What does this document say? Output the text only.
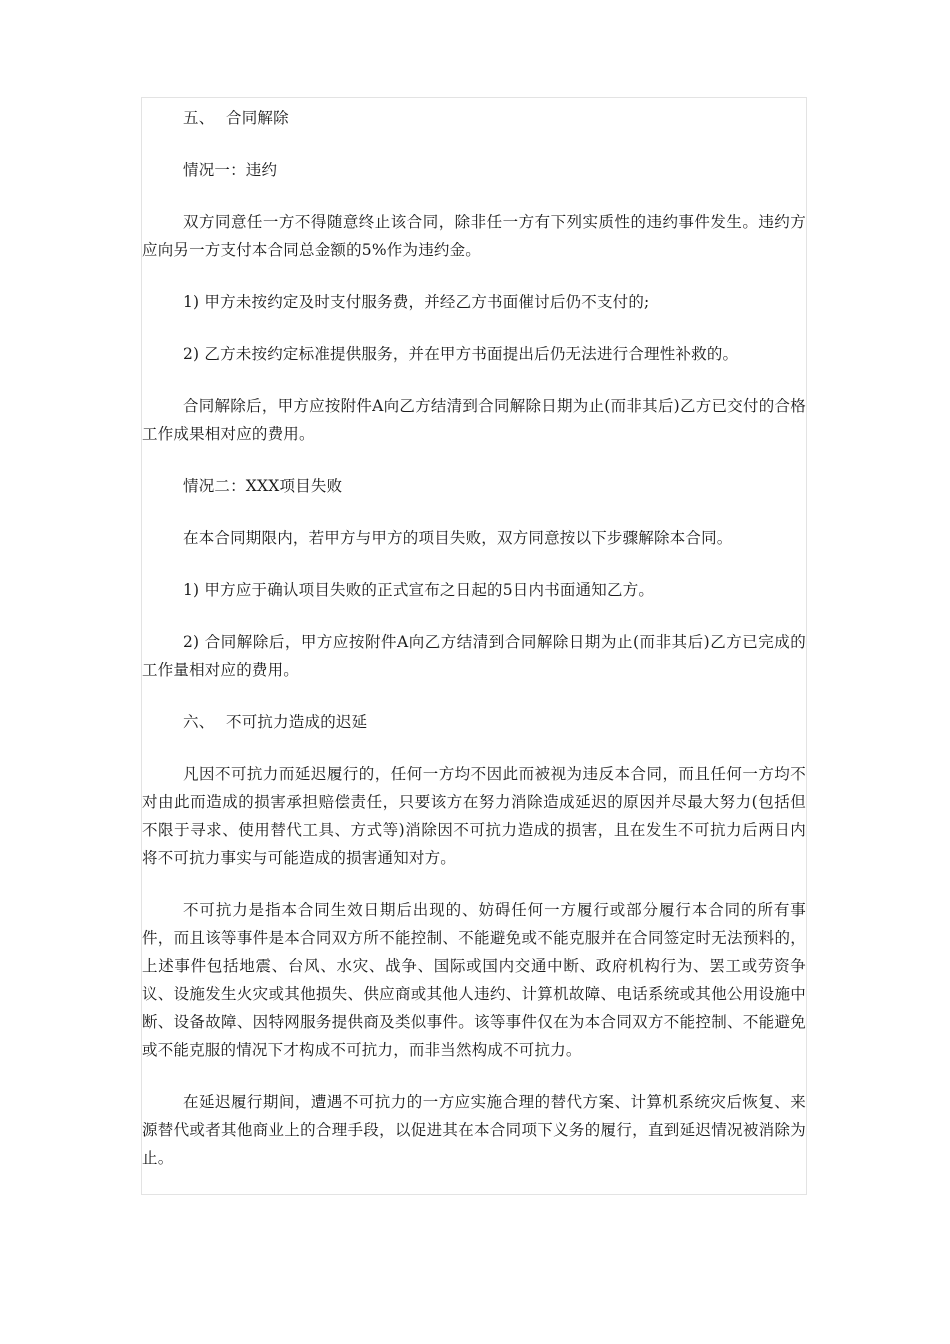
五、 合同解除

情况一：违约

双方同意任一方不得随意终止该合同，除非任一方有下列实质性的违约事件发生。违约方应向另一方支付本合同总金额的5%作为违约金。

1) 甲方未按约定及时支付服务费，并经乙方书面催讨后仍不支付的;

2) 乙方未按约定标准提供服务，并在甲方书面提出后仍无法进行合理性补救的。

合同解除后，甲方应按附件A向乙方结清到合同解除日期为止(而非其后)乙方已交付的合格工作成果相对应的费用。

情况二：XXX项目失败

在本合同期限内，若甲方与甲方的项目失败，双方同意按以下步骤解除本合同。

1) 甲方应于确认项目失败的正式宣布之日起的5日内书面通知乙方。

2) 合同解除后，甲方应按附件A向乙方结清到合同解除日期为止(而非其后)乙方已完成的工作量相对应的费用。

六、 不可抗力造成的迟延

凡因不可抗力而延迟履行的，任何一方均不因此而被视为违反本合同，而且任何一方均不对由此而造成的损害承担赔偿责任，只要该方在努力消除造成延迟的原因并尽最大努力(包括但不限于寻求、使用替代工具、方式等)消除因不可抗力造成的损害，且在发生不可抗力后两日内将不可抗力事实与可能造成的损害通知对方。

不可抗力是指本合同生效日期后出现的、妨碍任何一方履行或部分履行本合同的所有事件，而且该等事件是本合同双方所不能控制、不能避免或不能克服并在合同签定时无法预料的，上述事件包括地震、台风、水灾、战争、国际或国内交通中断、政府机构行为、罢工或劳资争议、设施发生火灾或其他损失、供应商或其他人违约、计算机故障、电话系统或其他公用设施中断、设备故障、因特网服务提供商及类似事件。该等事件仅在为本合同双方不能控制、不能避免或不能克服的情况下才构成不可抗力，而非当然构成不可抗力。

在延迟履行期间，遭遇不可抗力的一方应实施合理的替代方案、计算机系统灾后恢复、来源替代或者其他商业上的合理手段，以促进其在本合同项下义务的履行，直到延迟情况被消除为止。
